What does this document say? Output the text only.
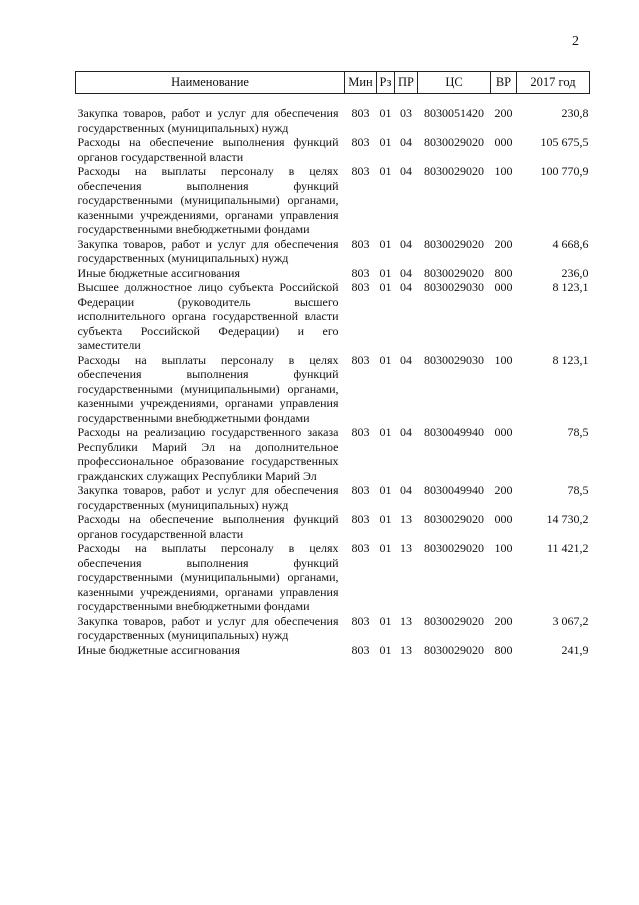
2
Наименование	Мин	Рз	ПР	ЦС	ВР	2017 год
Закупка товаров, работ и услуг для обеспечения государственных (муниципальных) нужд	803	01	03	8030051420	200	230,8
Расходы на обеспечение выполнения функций органов государственной власти	803	01	04	8030029020	000	105 675,5
Расходы на выплаты персоналу в целях обеспечения выполнения функций государственными (муниципальными) органами, казенными учреждениями, органами управления государственными внебюджетными фондами	803	01	04	8030029020	100	100 770,9
Закупка товаров, работ и услуг для обеспечения государственных (муниципальных) нужд	803	01	04	8030029020	200	4 668,6
Иные бюджетные ассигнования	803	01	04	8030029020	800	236,0
Высшее должностное лицо субъекта Российской Федерации (руководитель высшего исполнительного органа государственной власти субъекта Российской Федерации) и его заместители	803	01	04	8030029030	000	8 123,1
Расходы на выплаты персоналу в целях обеспечения выполнения функций государственными (муниципальными) органами, казенными учреждениями, органами управления государственными внебюджетными фондами	803	01	04	8030029030	100	8 123,1
Расходы на реализацию государственного заказа Республики Марий Эл на дополнительное профессиональное образование государственных гражданских служащих Республики Марий Эл	803	01	04	8030049940	000	78,5
Закупка товаров, работ и услуг для обеспечения государственных (муниципальных) нужд	803	01	04	8030049940	200	78,5
Расходы на обеспечение выполнения функций органов государственной власти	803	01	13	8030029020	000	14 730,2
Расходы на выплаты персоналу в целях обеспечения выполнения функций государственными (муниципальными) органами, казенными учреждениями, органами управления государственными внебюджетными фондами	803	01	13	8030029020	100	11 421,2
Закупка товаров, работ и услуг для обеспечения государственных (муниципальных) нужд	803	01	13	8030029020	200	3 067,2
Иные бюджетные ассигнования	803	01	13	8030029020	800	241,9
